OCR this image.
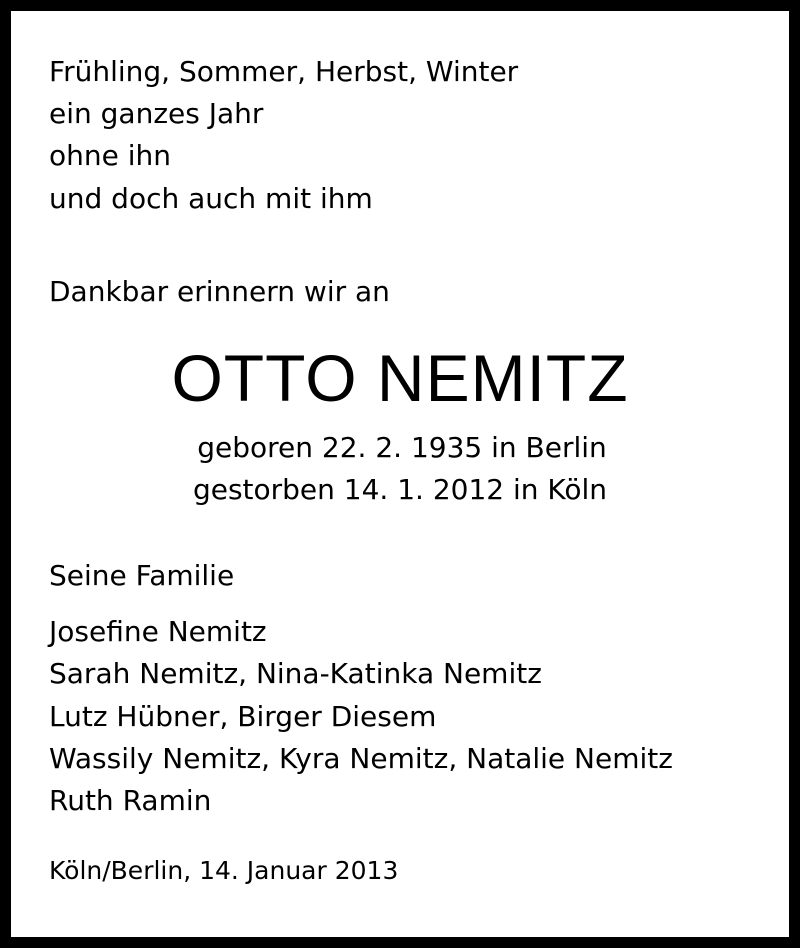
Frühling, Sommer, Herbst, Winter

ein ganzes Jahr

ohne ihn

und doch auch mit ihm

Dankbar erinnern wir an

OTTO NEMITZ

geboren 22. 2. 1935 in Berlin

gestorben 14. 1. 2012 in Köln

Seine Familie

Josefine Nemitz

Sarah Nemitz, Nina-Katinka Nemitz

Lutz Hübner, Birger Diesem

Wassily Nemitz, Kyra Nemitz, Natalie Nemitz

Ruth Ramin

Köln/Berlin, 14. Januar 2013
